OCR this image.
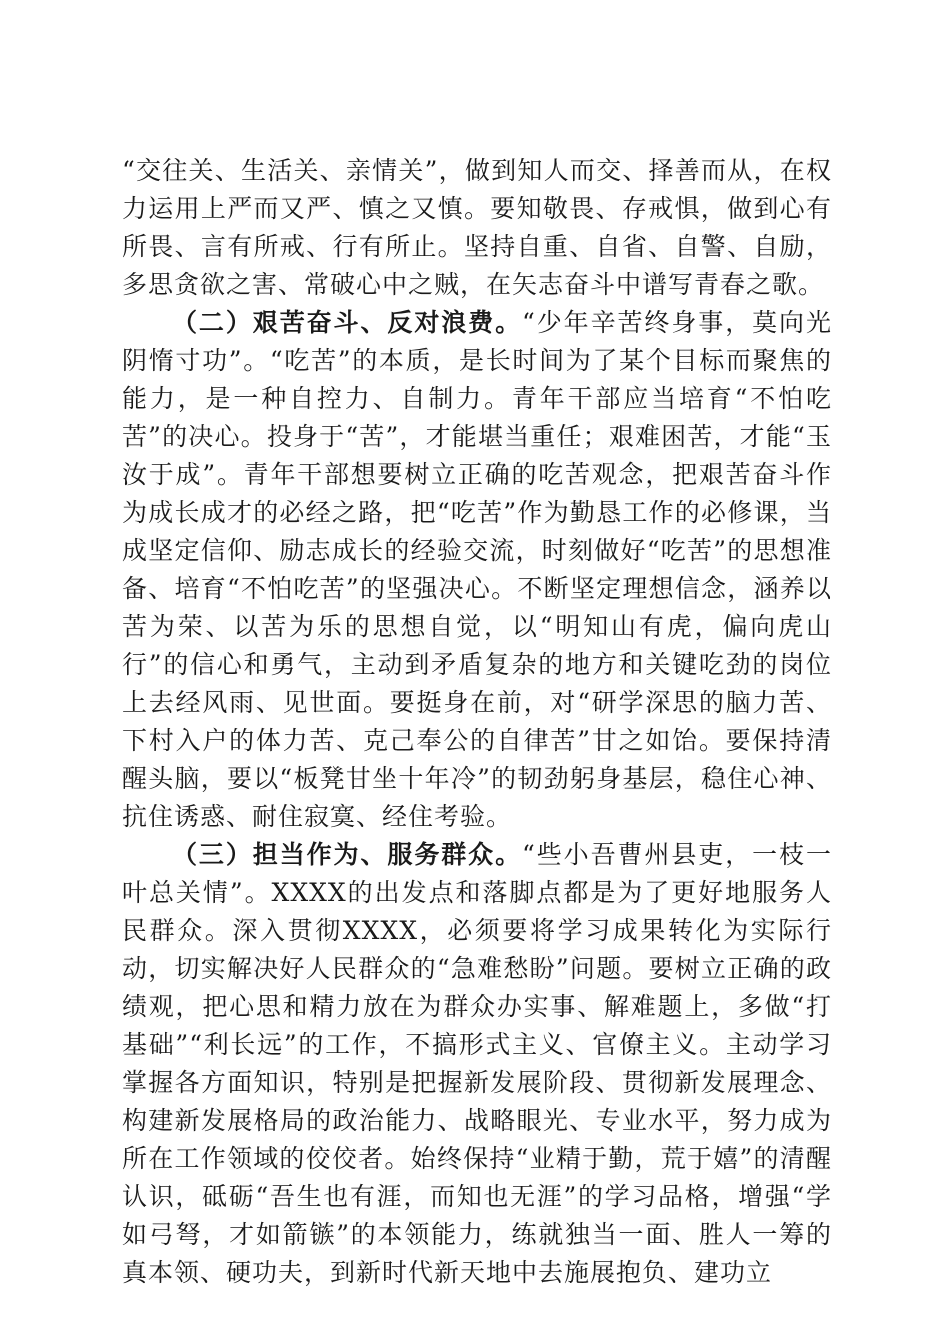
“交往关、生活关、亲情关”，做到知人而交、择善而从，在权力运用上严而又严、慎之又慎。要知敬畏、存戒惧，做到心有所畏、言有所戒、行有所止。坚持自重、自省、自警、自励，多思贪欲之害、常破心中之贼，在矢志奋斗中谱写青春之歌。

（二）艰苦奋斗、反对浪费。“少年辛苦终身事，莫向光阴惰寸功”。“吃苦”的本质，是长时间为了某个目标而聚焦的能力，是一种自控力、自制力。青年干部应当培育“不怕吃苦”的决心。投身于“苦”，才能堪当重任；艰难困苦，才能“玉汝于成”。青年干部想要树立正确的吃苦观念，把艰苦奋斗作为成长成才的必经之路，把“吃苦”作为勤恳工作的必修课，当成坚定信仰、励志成长的经验交流，时刻做好“吃苦”的思想准备、培育“不怕吃苦”的坚强决心。不断坚定理想信念，涵养以苦为荣、以苦为乐的思想自觉，以“明知山有虎，偏向虎山行”的信心和勇气，主动到矛盾复杂的地方和关键吃劲的岗位上去经风雨、见世面。要挺身在前，对“研学深思的脑力苦、下村入户的体力苦、克己奉公的自律苦”甘之如饴。要保持清醒头脑，要以“板凳甘坐十年冷”的韧劲躬身基层，稳住心神、抗住诱惑、耐住寂寞、经住考验。

（三）担当作为、服务群众。“些小吾曹州县吏，一枝一叶总关情”。XXXX的出发点和落脚点都是为了更好地服务人民群众。深入贯彻XXXX，必须要将学习成果转化为实际行动，切实解决好人民群众的“急难愁盼”问题。要树立正确的政绩观，把心思和精力放在为群众办实事、解难题上，多做“打基础”“利长远”的工作，不搞形式主义、官僚主义。主动学习掌握各方面知识，特别是把握新发展阶段、贯彻新发展理念、构建新发展格局的政治能力、战略眼光、专业水平，努力成为所在工作领域的佼佼者。始终保持“业精于勤，荒于嬉”的清醒认识，砥砺“吾生也有涯，而知也无涯”的学习品格，增强“学如弓弩，才如箭镞”的本领能力，练就独当一面、胜人一筹的真本领、硬功夫，到新时代新天地中去施展抱负、建功立
